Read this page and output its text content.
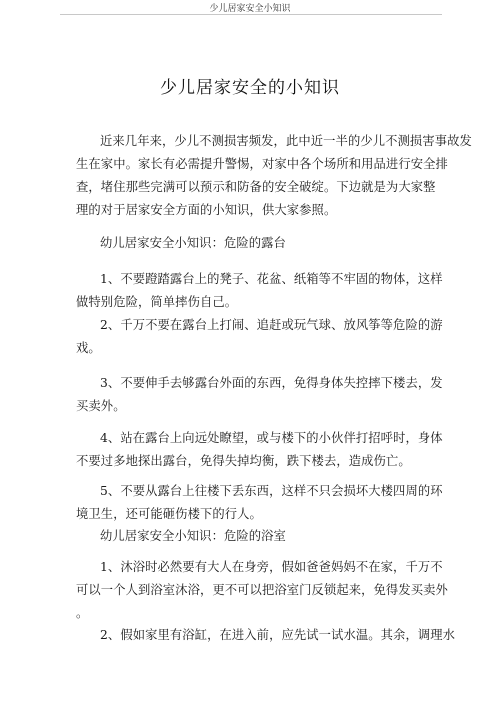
少儿居家安全小知识
少儿居家安全的小知识

近来几年来，少儿不测损害频发，此中近一半的少儿不测损害事故发
生在家中。家长有必需提升警惕，对家中各个场所和用品进行安全排
查，堵住那些完满可以预示和防备的安全破绽。下边就是为大家整
理的对于居家安全方面的小知识，供大家参照。

幼儿居家安全小知识：危险的露台

1、不要蹬踏露台上的凳子、花盆、纸箱等不牢固的物体，这样
做特别危险，简单摔伤自己。

2、千万不要在露台上打闹、追赶或玩气球、放风筝等危险的游
戏。

3、不要伸手去够露台外面的东西，免得身体失控摔下楼去，发
买卖外。

4、站在露台上向远处瞭望，或与楼下的小伙伴打招呼时，身体
不要过多地探出露台，免得失掉均衡，跌下楼去，造成伤亡。

5、不要从露台上往楼下丢东西，这样不只会损坏大楼四周的环
境卫生，还可能砸伤楼下的行人。

幼儿居家安全小知识：危险的浴室

1、沐浴时必然要有大人在身旁，假如爸爸妈妈不在家，千万不
可以一个人到浴室沐浴，更不可以把浴室门反锁起来，免得发买卖外
。

2、假如家里有浴缸，在进入前，应先试一试水温。其余，调理水
